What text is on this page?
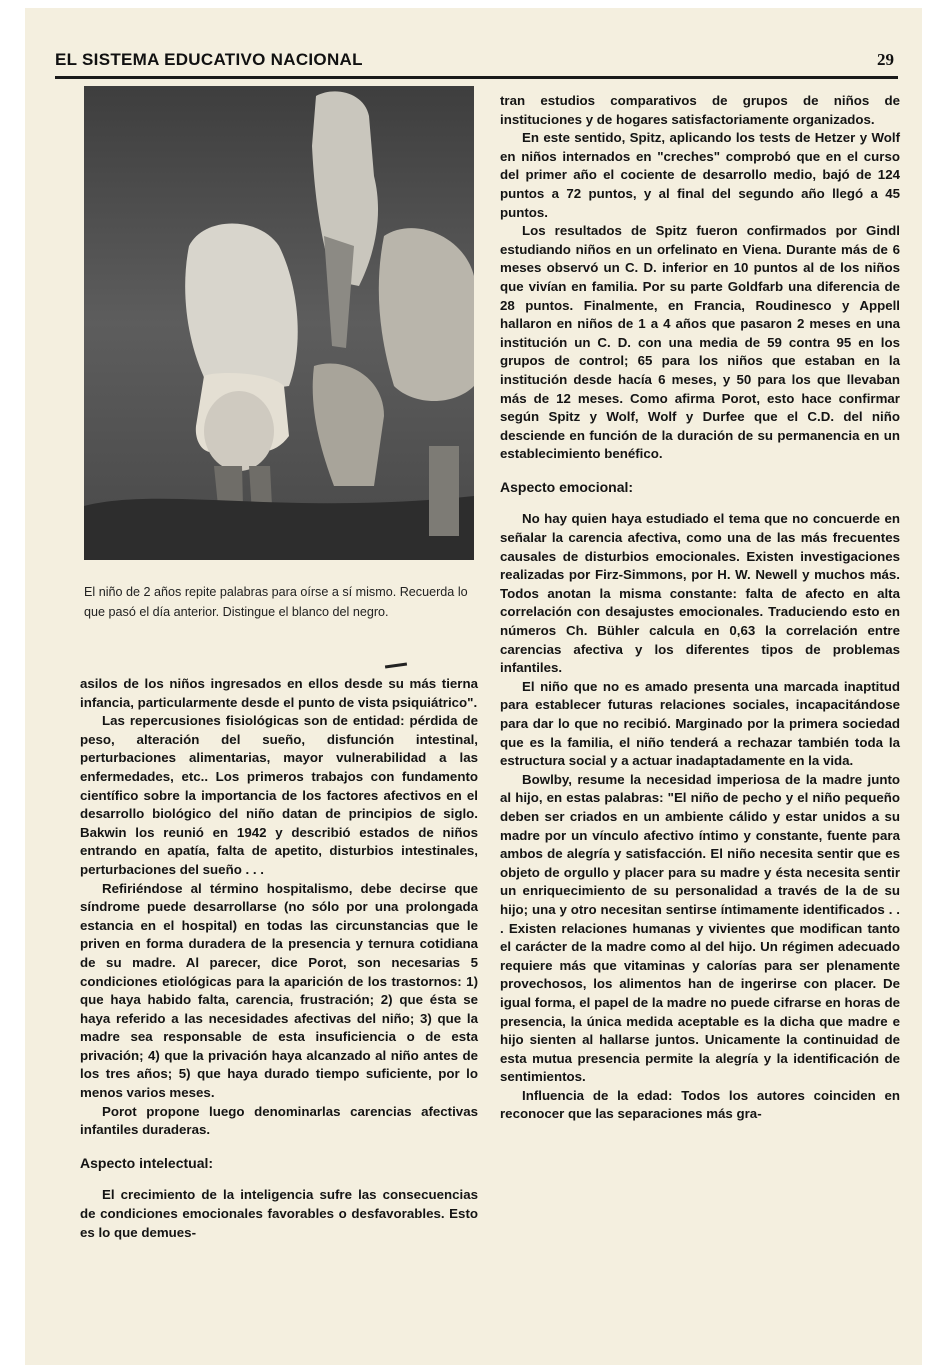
EL SISTEMA EDUCATIVO NACIONAL	29

El niño de 2 años repite palabras para oírse a sí mismo. Recuerda lo que pasó el día anterior. Distingue el blanco del negro.

asilos de los niños ingresados en ellos desde su más tierna infancia, particularmente desde el punto de vista psiquiátrico".

Las repercusiones fisiológicas son de entidad: pérdida de peso, alteración del sueño, disfunción intestinal, perturbaciones alimentarias, mayor vulnerabilidad a las enfermedades, etc.. Los primeros trabajos con fundamento científico sobre la importancia de los factores afectivos en el desarrollo biológico del niño datan de principios de siglo. Bakwin los reunió en 1942 y describió estados de niños entrando en apatía, falta de apetito, disturbios intestinales, perturbaciones del sueño . . .

Refiriéndose al término hospitalismo, debe decirse que síndrome puede desarrollarse (no sólo por una prolongada estancia en el hospital) en todas las circunstancias que le priven en forma duradera de la presencia y ternura cotidiana de su madre. Al parecer, dice Porot, son necesarias 5 condiciones etiológicas para la aparición de los trastornos: 1) que haya habido falta, carencia, frustración; 2) que ésta se haya referido a las necesidades afectivas del niño; 3) que la madre sea responsable de esta insuficiencia o de esta privación; 4) que la privación haya alcanzado al niño antes de los tres años; 5) que haya durado tiempo suficiente, por lo menos varios meses.

Porot propone luego denominarlas carencias afectivas infantiles duraderas.

Aspecto intelectual:

El crecimiento de la inteligencia sufre las consecuencias de condiciones emocionales favorables o desfavorables. Esto es lo que demues-

tran estudios comparativos de grupos de niños de instituciones y de hogares satisfactoriamente organizados.

En este sentido, Spitz, aplicando los tests de Hetzer y Wolf en niños internados en "creches" comprobó que en el curso del primer año el cociente de desarrollo medio, bajó de 124 puntos a 72 puntos, y al final del segundo año llegó a 45 puntos.

Los resultados de Spitz fueron confirmados por Gindl estudiando niños en un orfelinato en Viena. Durante más de 6 meses observó un C. D. inferior en 10 puntos al de los niños que vivían en familia. Por su parte Goldfarb una diferencia de 28 puntos. Finalmente, en Francia, Roudinesco y Appell hallaron en niños de 1 a 4 años que pasaron 2 meses en una institución un C. D. con una media de 59 contra 95 en los grupos de control; 65 para los niños que estaban en la institución desde hacía 6 meses, y 50 para los que llevaban más de 12 meses. Como afirma Porot, esto hace confirmar según Spitz y Wolf, Wolf y Durfee que el C.D. del niño desciende en función de la duración de su permanencia en un establecimiento benéfico.

Aspecto emocional:

No hay quien haya estudiado el tema que no concuerde en señalar la carencia afectiva, como una de las más frecuentes causales de disturbios emocionales. Existen investigaciones realizadas por Firz-Simmons, por H. W. Newell y muchos más. Todos anotan la misma constante: falta de afecto en alta correlación con desajustes emocionales. Traduciendo esto en números Ch. Bühler calcula en 0,63 la correlación entre carencias afectiva y los diferentes tipos de problemas infantiles.

El niño que no es amado presenta una marcada inaptitud para establecer futuras relaciones sociales, incapacitándose para dar lo que no recibió. Marginado por la primera sociedad que es la familia, el niño tenderá a rechazar también toda la estructura social y a actuar inadaptadamente en la vida.

Bowlby, resume la necesidad imperiosa de la madre junto al hijo, en estas palabras: "El niño de pecho y el niño pequeño deben ser criados en un ambiente cálido y estar unidos a su madre por un vínculo afectivo íntimo y constante, fuente para ambos de alegría y satisfacción. El niño necesita sentir que es objeto de orgullo y placer para su madre y ésta necesita sentir un enriquecimiento de su personalidad a través de la de su hijo; una y otro necesitan sentirse íntimamente identificados . . . Existen relaciones humanas y vivientes que modifican tanto el carácter de la madre como al del hijo. Un régimen adecuado requiere más que vitaminas y calorías para ser plenamente provechosos, los alimentos han de ingerirse con placer. De igual forma, el papel de la madre no puede cifrarse en horas de presencia, la única medida aceptable es la dicha que madre e hijo sienten al hallarse juntos. Unicamente la continuidad de esta mutua presencia permite la alegría y la identificación de sentimientos.

Influencia de la edad: Todos los autores coinciden en reconocer que las separaciones más gra-
